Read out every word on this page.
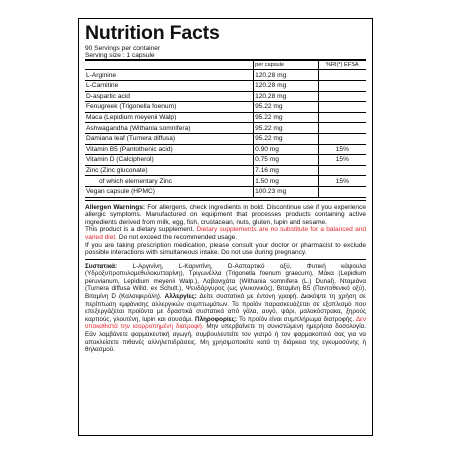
Nutrition Facts
90 Servings per container
Serving size : 1 capsule
	per capsule	%RI(*) EFSA
L-Arginine	120.28 mg	
L-Carnitine	120.28 mg	
D-aspartic acid	120.28 mg	
Fenugreek (Trigonella foenum)	95.22 mg	
Maca (Lepidium meyenii Walp)	95.22 mg	
Ashwagandha (Withania somnifera)	95.22 mg	
Damiana leaf (Turnera diffusa)	95.22 mg	
Vitamin B5 (Pantothenic acid)	0.90 mg	15%
Vitamin D (Calcipherol)	0.75 mg	15%
Zinc (Zinc gluconate)	7.16 mg	
of which elementary Zinc	1.50 mg	15%
Vegan capsule (HPMC)	100.23 mg	

Allergen Warnings: For allergens, check ingredients in bold. Discontinue use if you experience allergic symptoms. Manufactured on equipment that processes products containing active ingredients derived from milk, egg, fish, crustacean, nuts, gluten, lupin and sesame.

This product is a dietary supplement. Dietary supplements are no substitute for a balanced and varied diet. Do not exceed the recommended usage.

If you are taking prescription medication, please consult your doctor or pharmacist to exclude possible interactions with simultaneous intake. Do not use during pregnancy.

Συστατικά: L-Αργινίνη, L-Καρνιτίνη, D-Ασπαρτικό οξύ, Φυτική κάψουλα (Υδροξυπροπυλομεθυλοκυτταρίνη), Τριγωνέλλα (Trigonella foenum graecum), Μάκα (Lepidium peruvianum, Lepidium meyenii Walp.), Λαβανιχάτα (Withania somnifera (L.) Dunal), Νταμιάνα (Turnera diffusa Willd. ex Schult.), Ψευδάργυρος (ως γλυκονικός), Βιταμίνη Β5 (Παντοθενικό οξύ), Βιταμίνη D (Καλσιφερόλη). Αλλεργίες: Δείτε συστατικά με έντονη γραφή. Διακόψτε τη χρήση σε περίπτωση εμφάνισης αλλεργικών συμπτωμάτων. Το προϊόν παρασκευάζεται σε εξοπλισμό που επεξεργάζεται προϊόντα με δραστικά συστατικά από γάλα, αυγό, ψάρι, μαλακόστρακα, ξηρούς καρπούς, γλουτένη, lupin και σουσάμι. Πληροφορίες: Το προϊόν είναι συμπλήρωμα διατροφής. Δεν υποκαθιστά την ισορροπημένη διατροφή. Μην υπερβαίνετε τη συνιστώμενη ημερήσια δοσολογία. Εάν λαμβάνετε φαρμακευτική αγωγή, συμβουλευτείτε τον γιατρό ή τον φαρμακοποιό σας για να αποκλείσετε πιθανές αλληλεπιδράσεις. Μη χρησιμοποιείτε κατά τη διάρκεια της εγκυμοσύνης ή θηλασμού.
